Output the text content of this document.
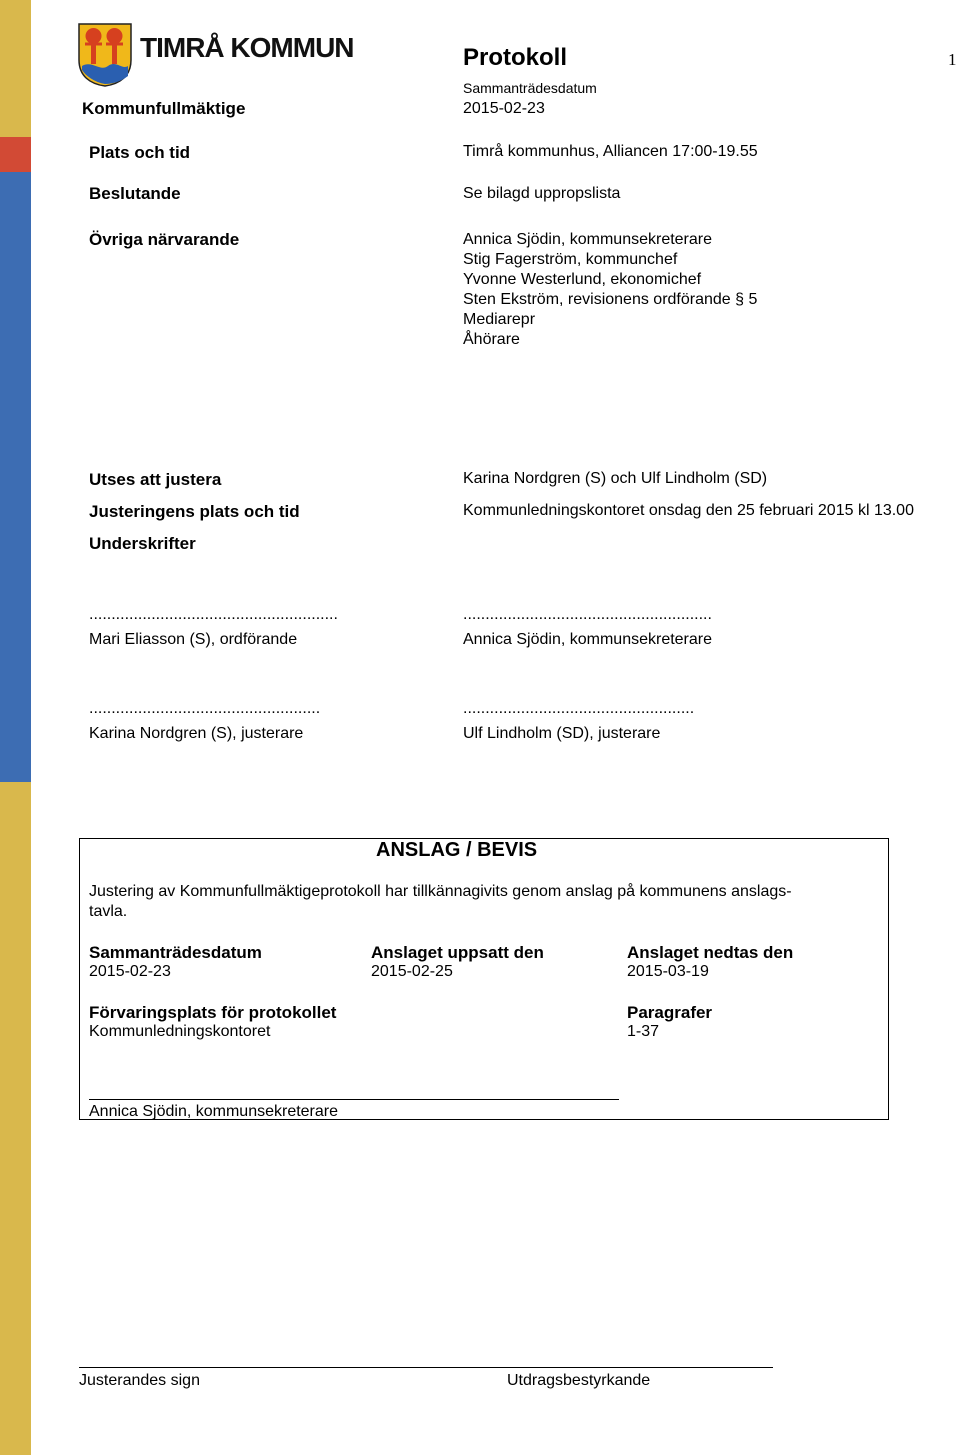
TIMRÅ KOMMUN	Protokoll	1
Kommunfullmäktige
Sammanträdesdatum
2015-02-23
Plats och tid	Timrå kommunhus, Alliancen 17:00-19.55
Beslutande	Se bilagd uppropslista
Övriga närvarande	Annica Sjödin, kommunsekreterare
Stig Fagerström, kommunchef
Yvonne Westerlund, ekonomichef
Sten Ekström, revisionens ordförande § 5
Mediarepr
Åhörare
Utses att justera	Karina Nordgren (S) och Ulf Lindholm (SD)
Justeringens plats och tid	Kommunledningskontoret onsdag den 25 februari 2015 kl 13.00
Underskrifter
........................................................
Mari Eliasson (S), ordförande
........................................................
Annica Sjödin, kommunsekreterare
....................................................
Karina Nordgren (S), justerare
....................................................
Ulf Lindholm (SD), justerare
ANSLAG / BEVIS
Justering av Kommunfullmäktigeprotokoll har tillkännagivits genom anslag på kommunens anslags-
tavla.
Sammanträdesdatum
2015-02-23
Anslaget uppsatt den
2015-02-25
Anslaget nedtas den
2015-03-19
Förvaringsplats för protokollet
Kommunledningskontoret
Paragrafer
1-37
Annica Sjödin, kommunsekreterare
Justerandes sign	Utdragsbestyrkande
